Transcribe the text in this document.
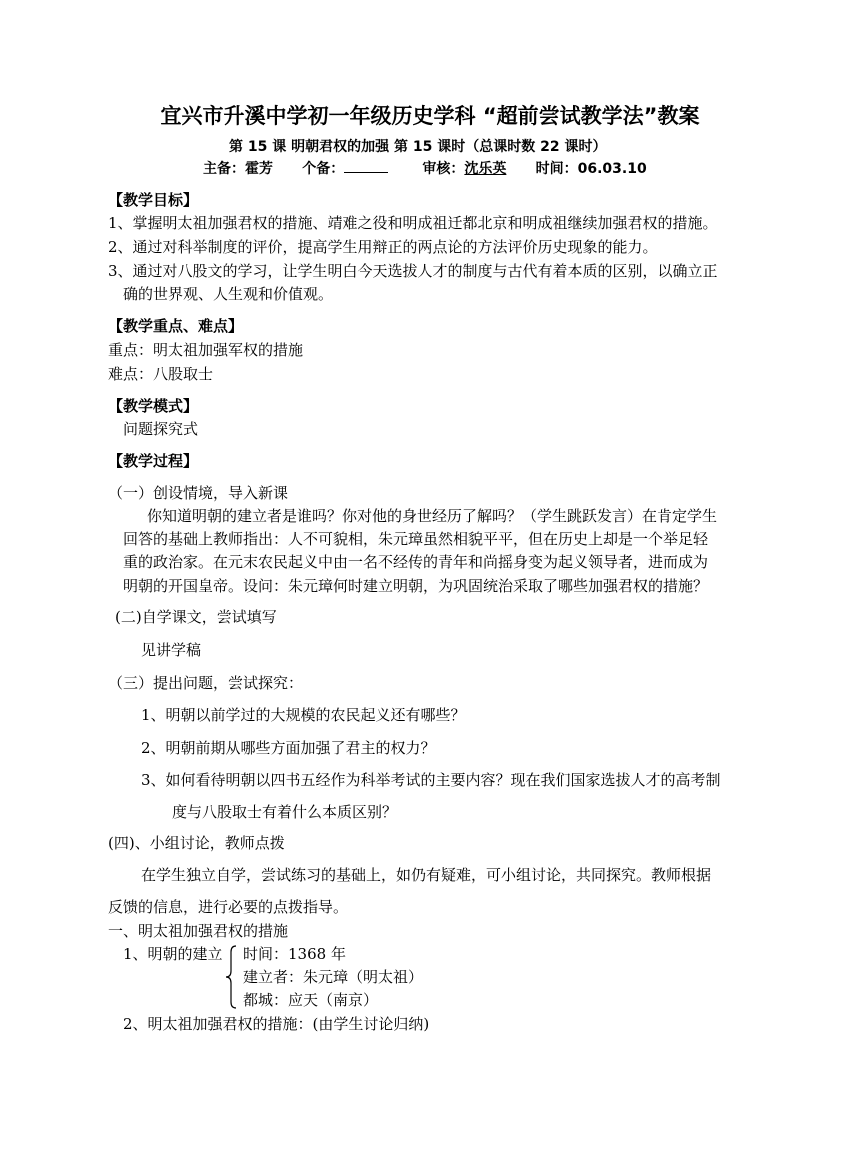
宜兴市升溪中学初一年级历史学科 “超前尝试教学法”教案
第 15 课 明朝君权的加强 第 15 课时（总课时数 22 课时）
主备：霍芳 个备：	审核：沈乐英 时间：06.03.10
【教学目标】
1、掌握明太祖加强君权的措施、靖难之役和明成祖迁都北京和明成祖继续加强君权的措施。
2、通过对科举制度的评价，提高学生用辩正的两点论的方法评价历史现象的能力。
3、通过对八股文的学习，让学生明白今天选拔人才的制度与古代有着本质的区别，以确立正
确的世界观、人生观和价值观。
【教学重点、难点】
重点：明太祖加强军权的措施
难点：八股取士
【教学模式】
问题探究式
【教学过程】
（一）创设情境，导入新课
你知道明朝的建立者是谁吗？你对他的身世经历了解吗？（学生跳跃发言）在肯定学生
回答的基础上教师指出：人不可貌相，朱元璋虽然相貌平平，但在历史上却是一个举足轻
重的政治家。在元末农民起义中由一名不经传的青年和尚摇身变为起义领导者，进而成为
明朝的开国皇帝。设问：朱元璋何时建立明朝，为巩固统治采取了哪些加强君权的措施？
(二)自学课文，尝试填写
见讲学稿
（三）提出问题，尝试探究：
1、明朝以前学过的大规模的农民起义还有哪些？
2、明朝前期从哪些方面加强了君主的权力？
3、如何看待明朝以四书五经作为科举考试的主要内容？现在我们国家选拔人才的高考制
度与八股取士有着什么本质区别？
(四)、小组讨论，教师点拨
在学生独立自学，尝试练习的基础上，如仍有疑难，可小组讨论，共同探究。教师根据
反馈的信息，进行必要的点拨指导。
一、明太祖加强君权的措施
1、明朝的建立 时间：1368 年
建立者：朱元璋（明太祖）
都城：应天（南京）
2、明太祖加强君权的措施：(由学生讨论归纳)
